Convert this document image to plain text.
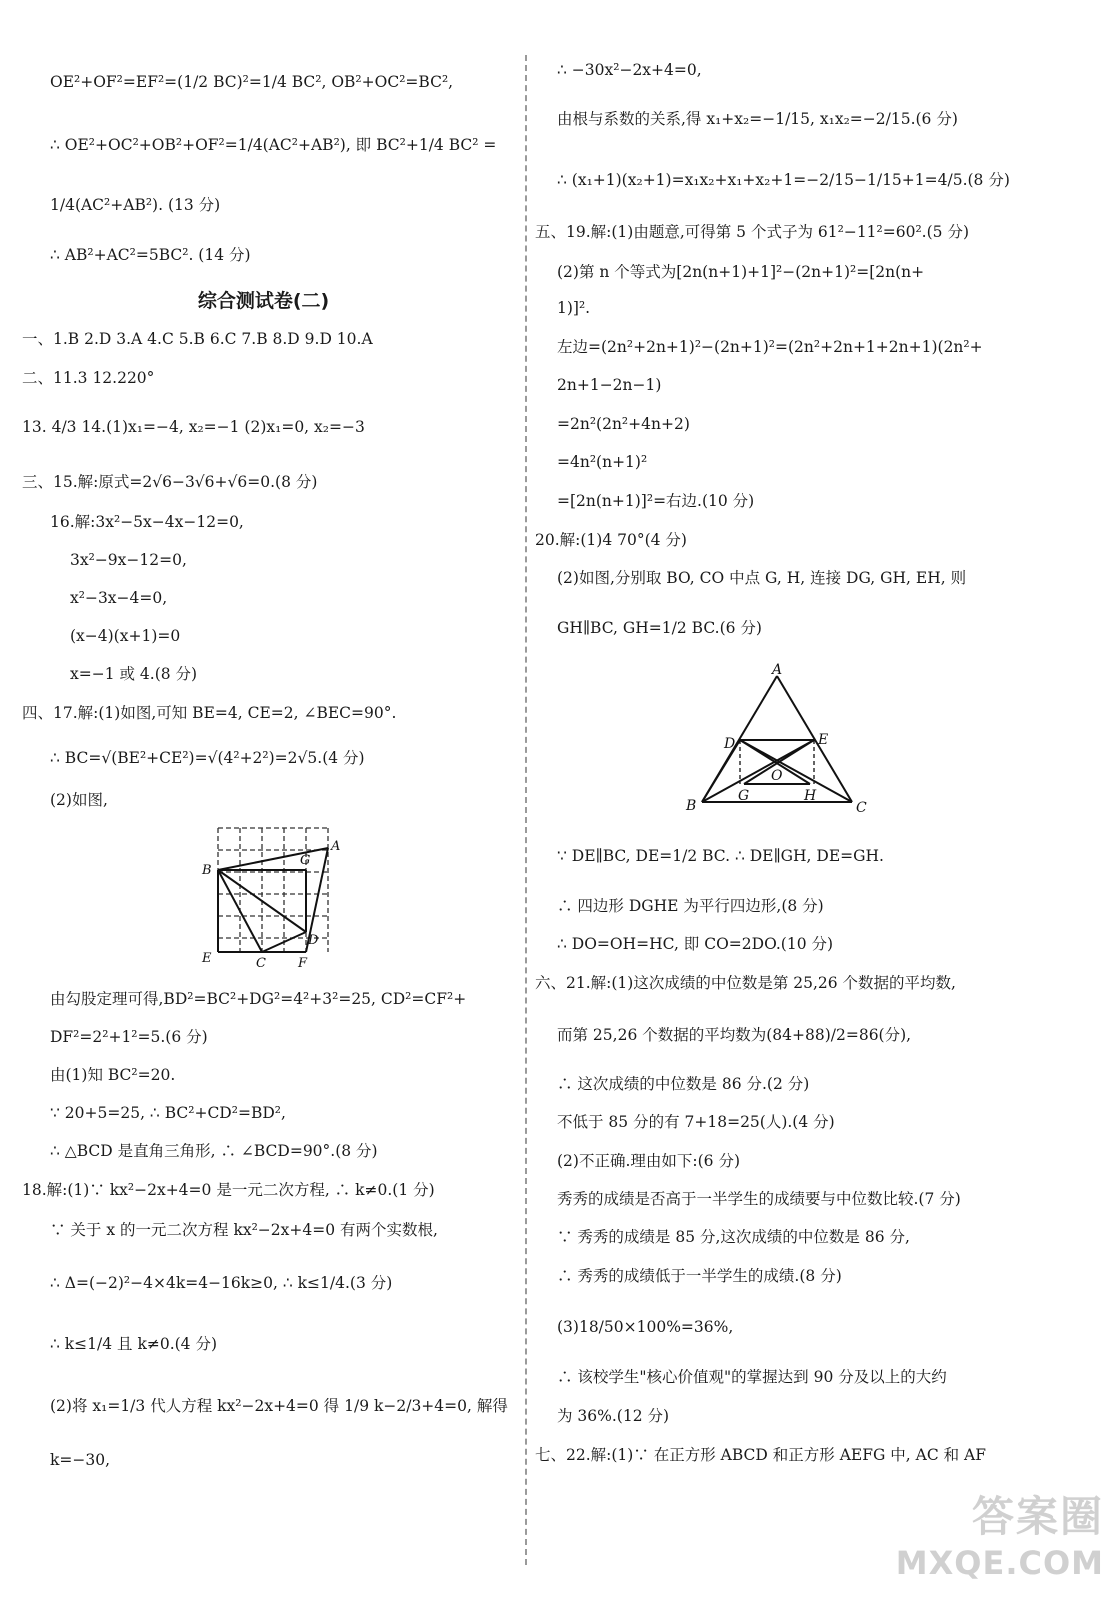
OE²+OF²=EF²=(1/2 BC)²=1/4 BC², OB²+OC²=BC²,
∴ OE²+OC²+OB²+OF²=1/4(AC²+AB²), 即 BC²+1/4 BC² =
1/4(AC²+AB²). (13 分)
∴ AB²+AC²=5BC². (14 分)
综合测试卷(二)
一、1.B 2.D 3.A 4.C 5.B 6.C 7.B 8.D 9.D 10.A
二、11.3 12.220°
13. 4/3 14.(1)x₁=−4, x₂=−1 (2)x₁=0, x₂=−3
三、15.解:原式=2√6−3√6+√6=0.(8 分)
16.解:3x²−5x−4x−12=0,
3x²−9x−12=0,
x²−3x−4=0,
(x−4)(x+1)=0
x=−1 或 4.(8 分)
四、17.解:(1)如图,可知 BE=4, CE=2, ∠BEC=90°.
∴ BC=√(BE²+CE²)=√(4²+2²)=2√5.(4 分)
(2)如图,
B
G
A
E	C F
D
由勾股定理可得,BD²=BC²+DG²=4²+3²=25, CD²=CF²+
DF²=2²+1²=5.(6 分)
由(1)知 BC²=20.
∵ 20+5=25, ∴ BC²+CD²=BD²,
∴ △BCD 是直角三角形, ∴ ∠BCD=90°.(8 分)
18.解:(1)∵ kx²−2x+4=0 是一元二次方程, ∴ k≠0.(1 分)
∵ 关于 x 的一元二次方程 kx²−2x+4=0 有两个实数根,
∴ Δ=(−2)²−4×4k=4−16k≥0, ∴ k≤1/4.(3 分)
∴ k≤1/4 且 k≠0.(4 分)
(2)将 x₁=1/3 代人方程 kx²−2x+4=0 得 1/9 k−2/3+4=0, 解得
k=−30,
∴ −30x²−2x+4=0,
由根与系数的关系,得 x₁+x₂=−1/15, x₁x₂=−2/15.(6 分)
∴ (x₁+1)(x₂+1)=x₁x₂+x₁+x₂+1=−2/15−1/15+1=4/5.(8 分)
五、19.解:(1)由题意,可得第 5 个式子为 61²−11²=60².(5 分)
(2)第 n 个等式为[2n(n+1)+1]²−(2n+1)²=[2n(n+
1)]².
左边=(2n²+2n+1)²−(2n+1)²=(2n²+2n+1+2n+1)(2n²+
2n+1−2n−1)
=2n²(2n²+4n+2)
=4n²(n+1)²
=[2n(n+1)]²=右边.(10 分)
20.解:(1)4 70°(4 分)
(2)如图,分别取 BO, CO 中点 G, H, 连接 DG, GH, EH, 则
GH∥BC, GH=1/2 BC.(6 分)
A
D	E
O
B
G	H
C
∵ DE∥BC, DE=1/2 BC. ∴ DE∥GH, DE=GH.
∴ 四边形 DGHE 为平行四边形,(8 分)
∴ DO=OH=HC, 即 CO=2DO.(10 分)
六、21.解:(1)这次成绩的中位数是第 25,26 个数据的平均数,
而第 25,26 个数据的平均数为(84+88)/2=86(分),
∴ 这次成绩的中位数是 86 分.(2 分)
不低于 85 分的有 7+18=25(人).(4 分)
(2)不正确.理由如下:(6 分)
秀秀的成绩是否高于一半学生的成绩要与中位数比较.(7 分)
∵ 秀秀的成绩是 85 分,这次成绩的中位数是 86 分,
∴ 秀秀的成绩低于一半学生的成绩.(8 分)
(3)18/50×100%=36%,
∴ 该校学生"核心价值观"的掌握达到 90 分及以上的大约
为 36%.(12 分)
七、22.解:(1)∵ 在正方形 ABCD 和正方形 AEFG 中, AC 和 AF
答案圈
MXQE.COM
